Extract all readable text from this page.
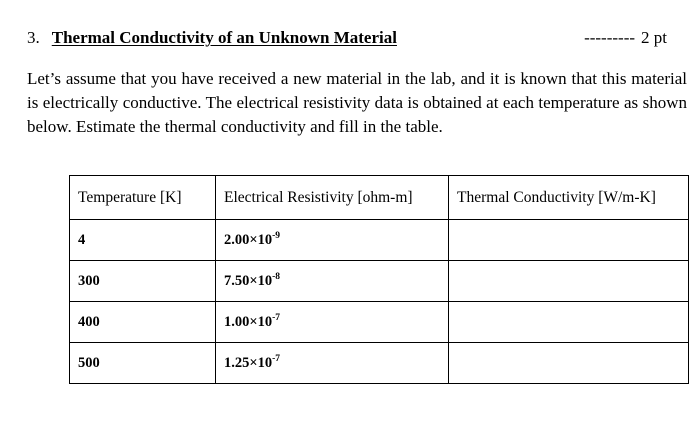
3. Thermal Conductivity of an Unknown Material	--------- 2 pt
Let’s assume that you have received a new material in the lab, and it is known that this material is electrically conductive. The electrical resistivity data is obtained at each temperature as shown below. Estimate the thermal conductivity and fill in the table.
Temperature [K]	Electrical Resistivity [ohm-m]	Thermal Conductivity [W/m-K]
4	$2.00\times 10^{-9}$	
300	$7.50\times 10^{-8}$	
400	$1.00\times 10^{-7}$	
500	$1.25\times 10^{-7}$	
